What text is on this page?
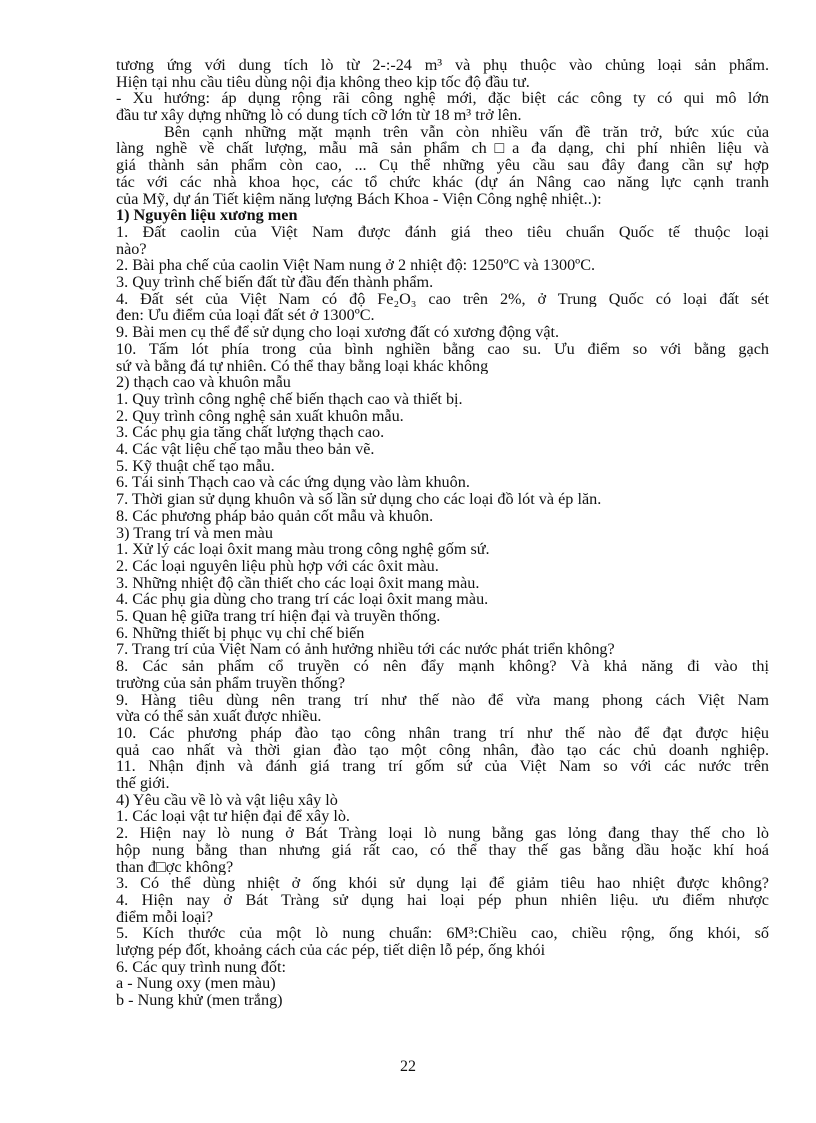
tương ứng với dung tích lò từ 2-:-24 m³ và phụ thuộc vào chủng loại sản phẩm.
Hiện tại nhu cầu tiêu dùng nội địa không theo kịp tốc độ đầu tư.
- Xu hướng: áp dụng rộng rãi công nghệ mới, đặc biệt các công ty có qui mô lớn
đầu tư xây dựng những lò có dung tích cỡ lớn từ 18 m³ trở lên.
Bên cạnh những mặt mạnh trên vẫn còn nhiều vấn đề trăn trở, bức xúc của
làng nghề về chất lượng, mẫu mã sản phẩm ch□a đa dạng, chi phí nhiên liệu và
giá thành sản phẩm còn cao, ... Cụ thể những yêu cầu sau đây đang cần sự hợp
tác với các nhà khoa học, các tổ chức khác (dự án Nâng cao năng lực cạnh tranh
của Mỹ, dự án Tiết kiệm năng lượng Bách Khoa - Viện Công nghệ nhiệt..):
1) Nguyên liệu xương men
1. Đất caolin của Việt Nam được đánh giá theo tiêu chuẩn Quốc tế thuộc loại
nào?
2. Bài pha chế của caolin Việt Nam nung ở 2 nhiệt độ: 1250ºC và 1300ºC.
3. Quy trình chế biến đất từ đầu đến thành phẩm.
4. Đất sét của Việt Nam có độ Fe₂O₃ cao trên 2%, ở Trung Quốc có loại đất sét
đen: Ưu điểm của loại đất sét ở 1300ºC.
9. Bài men cụ thể để sử dụng cho loại xương đất có xương động vật.
10. Tấm lót phía trong của bình nghiền bằng cao su. Ưu điểm so với bằng gạch
sứ và bằng đá tự nhiên. Có thể thay bằng loại khác không
2) thạch cao và khuôn mẫu
1. Quy trình công nghệ chế biến thạch cao và thiết bị.
2. Quy trình công nghệ sản xuất khuôn mẫu.
3. Các phụ gia tăng chất lượng thạch cao.
4. Các vật liệu chế tạo mẫu theo bản vẽ.
5. Kỹ thuật chế tạo mẫu.
6. Tái sinh Thạch cao và các ứng dụng vào làm khuôn.
7. Thời gian sử dụng khuôn và số lần sử dụng cho các loại đồ lót và ép lăn.
8. Các phương pháp bảo quản cốt mẫu và khuôn.
3) Trang trí và men màu
1. Xử lý các loại ôxit mang màu trong công nghệ gốm sứ.
2. Các loại nguyên liệu phù hợp với các ôxit màu.
3. Những nhiệt độ cần thiết cho các loại ôxit mang màu.
4. Các phụ gia dùng cho trang trí các loại ôxit mang màu.
5. Quan hệ giữa trang trí hiện đại và truyền thống.
6. Những thiết bị phục vụ chỉ chế biến
7. Trang trí của Việt Nam có ảnh hưởng nhiều tới các nước phát triển không?
8. Các sản phẩm cổ truyền có nên đẩy mạnh không? Và khả năng đi vào thị
trường của sản phẩm truyền thống?
9. Hàng tiêu dùng nên trang trí như thế nào để vừa mang phong cách Việt Nam
vừa có thể sản xuất được nhiều.
10. Các phương pháp đào tạo công nhân trang trí như thế nào để đạt được hiệu
quả cao nhất và thời gian đào tạo một công nhân, đào tạo các chủ doanh nghiệp.
11. Nhận định và đánh giá trang trí gốm sứ của Việt Nam so với các nước trên
thế giới.
4) Yêu cầu về lò và vật liệu xây lò
1. Các loại vật tư hiện đại để xây lò.
2. Hiện nay lò nung ở Bát Tràng loại lò nung bằng gas lỏng đang thay thế cho lò
hộp nung bằng than nhưng giá rất cao, có thể thay thế gas bằng dầu hoặc khí hoá
than đ□ợc không?
3. Có thể dùng nhiệt ở ống khói sử dụng lại để giảm tiêu hao nhiệt được không?
4. Hiện nay ở Bát Tràng sử dụng hai loại pép phun nhiên liệu. ưu điểm nhược
điểm mỗi loại?
5. Kích thước của một lò nung chuẩn: 6M³:Chiều cao, chiều rộng, ống khói, số
lượng pép đốt, khoảng cách của các pép, tiết diện lỗ pép, ống khói
6. Các quy trình nung đốt:
a - Nung oxy (men màu)
b - Nung khử (men trắng)
22
